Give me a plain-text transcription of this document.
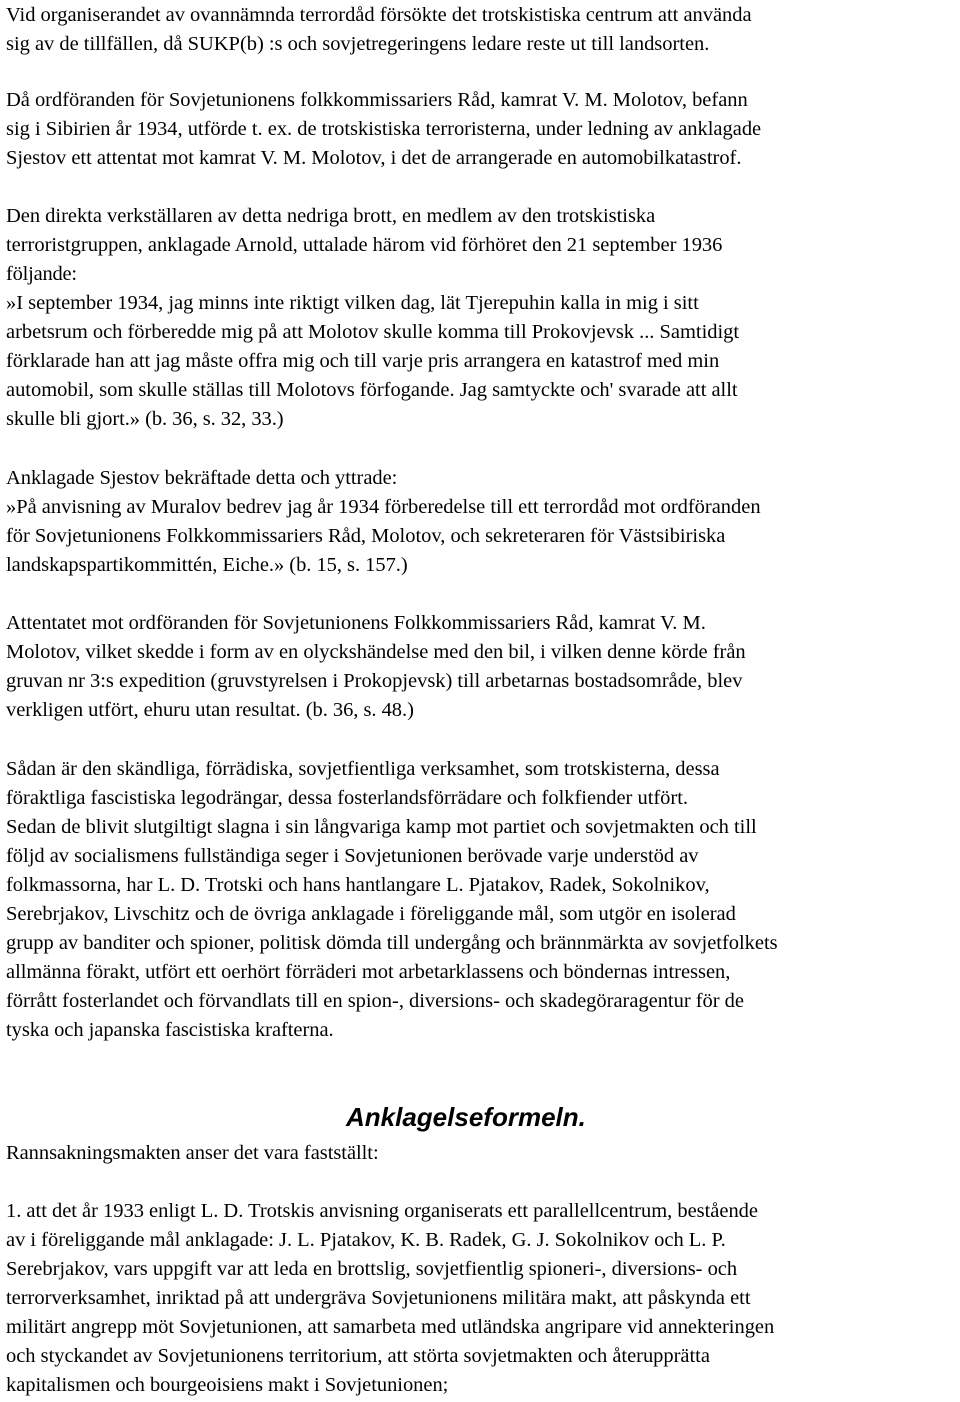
Vid organiserandet av ovannämnda terrordåd försökte det trotskistiska centrum att använda
sig av de tillfällen, då SUKP(b) :s och sovjetregeringens ledare reste ut till landsorten.

Då ordföranden för Sovjetunionens folkkommissariers Råd, kamrat V. M. Molotov, befann
sig i Sibirien år 1934, utförde t. ex. de trotskistiska terroristerna, under ledning av anklagade
Sjestov ett attentat mot kamrat V. M. Molotov, i det de arrangerade en automobilkatastrof.

Den direkta verkställaren av detta nedriga brott, en medlem av den trotskistiska
terroristgruppen, anklagade Arnold, uttalade härom vid förhöret den 21 september 1936
följande:
»I september 1934, jag minns inte riktigt vilken dag, lät Tjerepuhin kalla in mig i sitt
arbetsrum och förberedde mig på att Molotov skulle komma till Prokovjevsk ... Samtidigt
förklarade han att jag måste offra mig och till varje pris arrangera en katastrof med min
automobil, som skulle ställas till Molotovs förfogande. Jag samtyckte och' svarade att allt
skulle bli gjort.» (b. 36, s. 32, 33.)

Anklagade Sjestov bekräftade detta och yttrade:
»På anvisning av Muralov bedrev jag år 1934 förberedelse till ett terrordåd mot ordföranden
för Sovjetunionens Folkkommissariers Råd, Molotov, och sekreteraren för Västsibiriska
landskapspartikommittén, Eiche.» (b. 15, s. 157.)

Attentatet mot ordföranden för Sovjetunionens Folkkommissariers Råd, kamrat V. M.
Molotov, vilket skedde i form av en olyckshändelse med den bil, i vilken denne körde från
gruvan nr 3:s expedition (gruvstyrelsen i Prokopjevsk) till arbetarnas bostadsområde, blev
verkligen utfört, ehuru utan resultat. (b. 36, s. 48.)

Sådan är den skändliga, förrädiska, sovjetfientliga verksamhet, som trotskisterna, dessa
föraktliga fascistiska legodrängar, dessa fosterlandsförrädare och folkfiender utfört.
Sedan de blivit slutgiltigt slagna i sin långvariga kamp mot partiet och sovjetmakten och till
följd av socialismens fullständiga seger i Sovjetunionen berövade varje understöd av
folkmassorna, har L. D. Trotski och hans hantlangare L. Pjatakov, Radek, Sokolnikov,
Serebrjakov, Livschitz och de övriga anklagade i föreliggande mål, som utgör en isolerad
grupp av banditer och spioner, politisk dömda till undergång och brännmärkta av sovjetfolkets
allmänna förakt, utfört ett oerhört förräderi mot arbetarklassens och böndernas intressen,
förrått fosterlandet och förvandlats till en spion-, diversions- och skadegöraragentur för de
tyska och japanska fascistiska krafterna.

Anklagelseformeln.

Rannsakningsmakten anser det vara fastställt:

1. att det år 1933 enligt L. D. Trotskis anvisning organiserats ett parallellcentrum, bestående
av i föreliggande mål anklagade: J. L. Pjatakov, K. B. Radek, G. J. Sokolnikov och L. P.
Serebrjakov, vars uppgift var att leda en brottslig, sovjetfientlig spioneri-, diversions- och
terrorverksamhet, inriktad på att undergräva Sovjetunionens militära makt, att påskynda ett
militärt angrepp möt Sovjetunionen, att samarbeta med utländska angripare vid annekteringen
och styckandet av Sovjetunionens territorium, att störta sovjetmakten och återupprätta
kapitalismen och bourgeoisiens makt i Sovjetunionen;
